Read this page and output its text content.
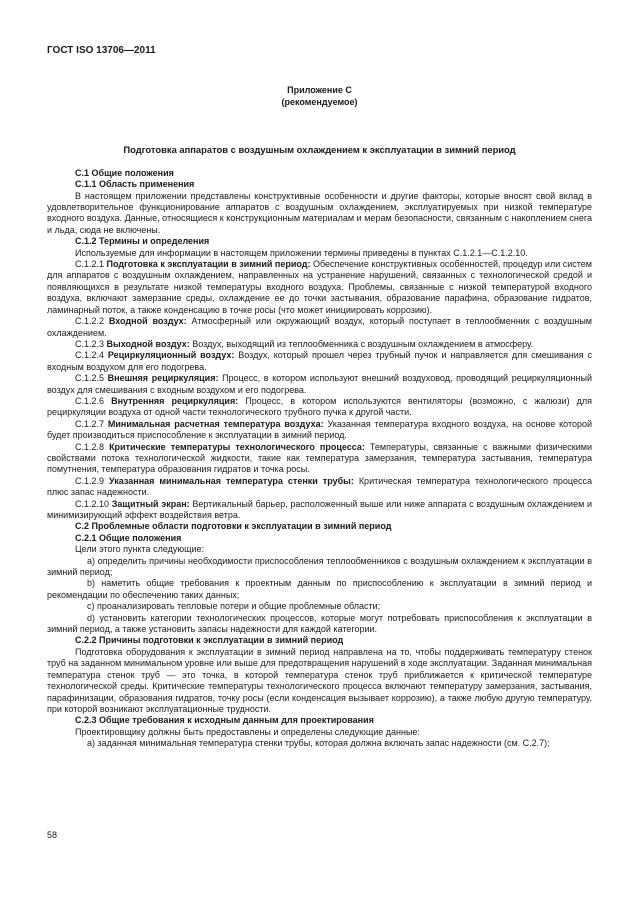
ГОСТ ISO 13706—2011
Приложение С
(рекомендуемое)
Подготовка аппаратов с воздушным охлаждением к эксплуатации в зимний период

С.1 Общие положения

С.1.1 Область применения

В настоящем приложении представлены конструктивные особенности и другие факторы, которые вносят свой вклад в удовлетворительное функционирование аппаратов с воздушным охлаждением, эксплуатируемых при низкой температуре входного воздуха. Данные, относящиеся к конструкционным материалам и мерам безопасности, связанным с накоплением снега и льда, сюда не включены.

С.1.2 Термины и определения

Используемые для информации в настоящем приложении термины приведены в пунктах С.1.2.1—С.1.2.10.

С.1.2.1 Подготовка к эксплуатации в зимний период: Обеспечение конструктивных особенностей, процедур или систем для аппаратов с воздушным охлаждением, направленных на устранение нарушений, связанных с технологической средой и появляющихся в результате низкой температуры входного воздуха. Проблемы, связанные с низкой температурой входного воздуха, включают замерзание среды, охлаждение ее до точки застывания, образование парафина, образование гидратов, ламинарный поток, а также конденсацию в точке росы (что может инициировать коррозию).

С.1.2.2 Входной воздух: Атмосферный или окружающий воздух, который поступает в теплообменник с воздушным охлаждением.

С.1.2.3 Выходной воздух: Воздух, выходящий из теплообменника с воздушным охлаждением в атмосферу.

С.1.2.4 Рециркуляционный воздух: Воздух, который прошел через трубный пучок и направляется для смешивания с входным воздухом для его подогрева.

С.1.2.5 Внешняя рециркуляция: Процесс, в котором используют внешний воздуховод, проводящий рециркуляционный воздух для смешивания с входным воздухом и его подогрева.

С.1.2.6 Внутренняя рециркуляция: Процесс, в котором используются вентиляторы (возможно, с жалюзи) для рециркуляции воздуха от одной части технологического трубного пучка к другой части.

С.1.2.7 Минимальная расчетная температура воздуха: Указанная температура входного воздуха, на основе которой будет производиться приспособление к эксплуатации в зимний период.

С.1.2.8 Критические температуры технологического процесса: Температуры, связанные с важными физическими свойствами потока технологической жидкости, такие как температура замерзания, температура застывания, температура помутнения, температура образования гидратов и точка росы.

С.1.2.9 Указанная минимальная температура стенки трубы: Критическая температура технологического процесса плюс запас надежности.

С.1.2.10 Защитный экран: Вертикальный барьер, расположенный выше или ниже аппарата с воздушным охлаждением и минимизирующий эффект воздействия ветра.

С.2 Проблемные области подготовки к эксплуатации в зимний период

С.2.1 Общие положения

Цели этого пункта следующие:

a) определить причины необходимости приспособления теплообменников с воздушным охлаждением к эксплуатации в зимний период;

b) наметить общие требования к проектным данным по приспособлению к эксплуатации в зимний период и рекомендации по обеспечению таких данных;

c) проанализировать тепловые потери и общие проблемные области;

d) установить категории технологических процессов, которые могут потребовать приспособления к эксплуатации в зимний период, а также установить запасы надежности для каждой категории.

С.2.2 Причины подготовки к эксплуатации в зимний период

Подготовка оборудования к эксплуатации в зимний период направлена на то, чтобы поддерживать температуру стенок труб на заданном минимальном уровне или выше для предотвращения нарушений в ходе эксплуатации. Заданная минимальная температура стенок труб — это точка, в которой температура стенок труб приближается к критической температуре технологической среды. Критические температуры технологического процесса включают температуру замерзания, застывания, парафинизации, образования гидратов, точку росы (если конденсация вызывает коррозию), а также любую другую температуру, при которой возникают эксплуатационные трудности.

С.2.3 Общие требования к исходным данным для проектирования

Проектировщику должны быть предоставлены и определены следующие данные:

a) заданная минимальная температура стенки трубы, которая должна включать запас надежности (см. С.2.7);

58
